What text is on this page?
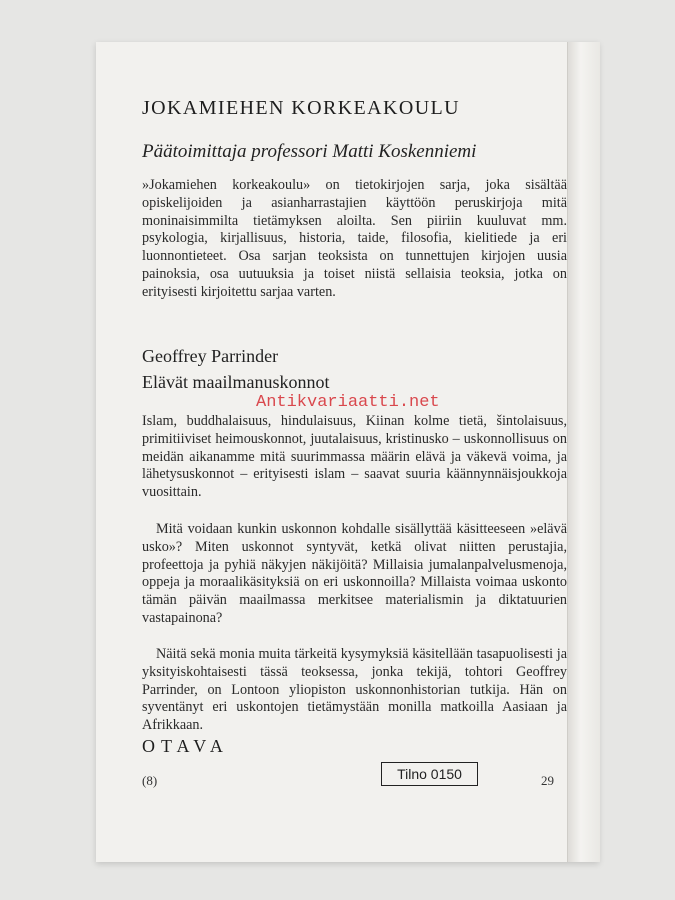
JOKAMIEHEN KORKEAKOULU

Päätoimittaja professori Matti Koskenniemi

»Jokamiehen korkeakoulu» on tietokirjojen sarja, joka sisältää opiskelijoiden ja asianharrastajien käyttöön peruskirjoja mitä moninaisimmilta tietämyksen aloilta. Sen piiriin kuuluvat mm. psykologia, kirjallisuus, historia, taide, filosofia, kielitiede ja eri luonnontieteet. Osa sarjan teoksista on tunnettujen kirjojen uusia painoksia, osa uutuuksia ja toiset niistä sellaisia teoksia, jotka on erityisesti kirjoitettu sarjaa varten.

Geoffrey Parrinder

Elävät maailmanuskonnot

Antikvariaatti.net

Islam, buddhalaisuus, hindulaisuus, Kiinan kolme tietä, šintolaisuus, primitiiviset heimouskonnot, juutalaisuus, kristinusko – uskonnollisuus on meidän aikanamme mitä suurimmassa määrin elävä ja väkevä voima, ja lähetysuskonnot – erityisesti islam – saavat suuria käännynnäisjoukkoja vuosittain.

Mitä voidaan kunkin uskonnon kohdalle sisällyttää käsitteeseen »elävä usko»? Miten uskonnot syntyvät, ketkä olivat niitten perustajia, profeettoja ja pyhiä näkyjen näkijöitä? Millaisia jumalanpalvelusmenoja, oppeja ja moraalikäsityksiä on eri uskonnoilla? Millaista voimaa uskonto tämän päivän maailmassa merkitsee materialismin ja diktatuurien vastapainona?

Näitä sekä monia muita tärkeitä kysymyksiä käsitellään tasapuolisesti ja yksityiskohtaisesti tässä teoksessa, jonka tekijä, tohtori Geoffrey Parrinder, on Lontoon yliopiston uskonnonhistorian tutkija. Hän on syventänyt eri uskontojen tietämystään monilla matkoilla Aasiaan ja Afrikkaan.

OTAVA

(8)	Tilno 0150	29
